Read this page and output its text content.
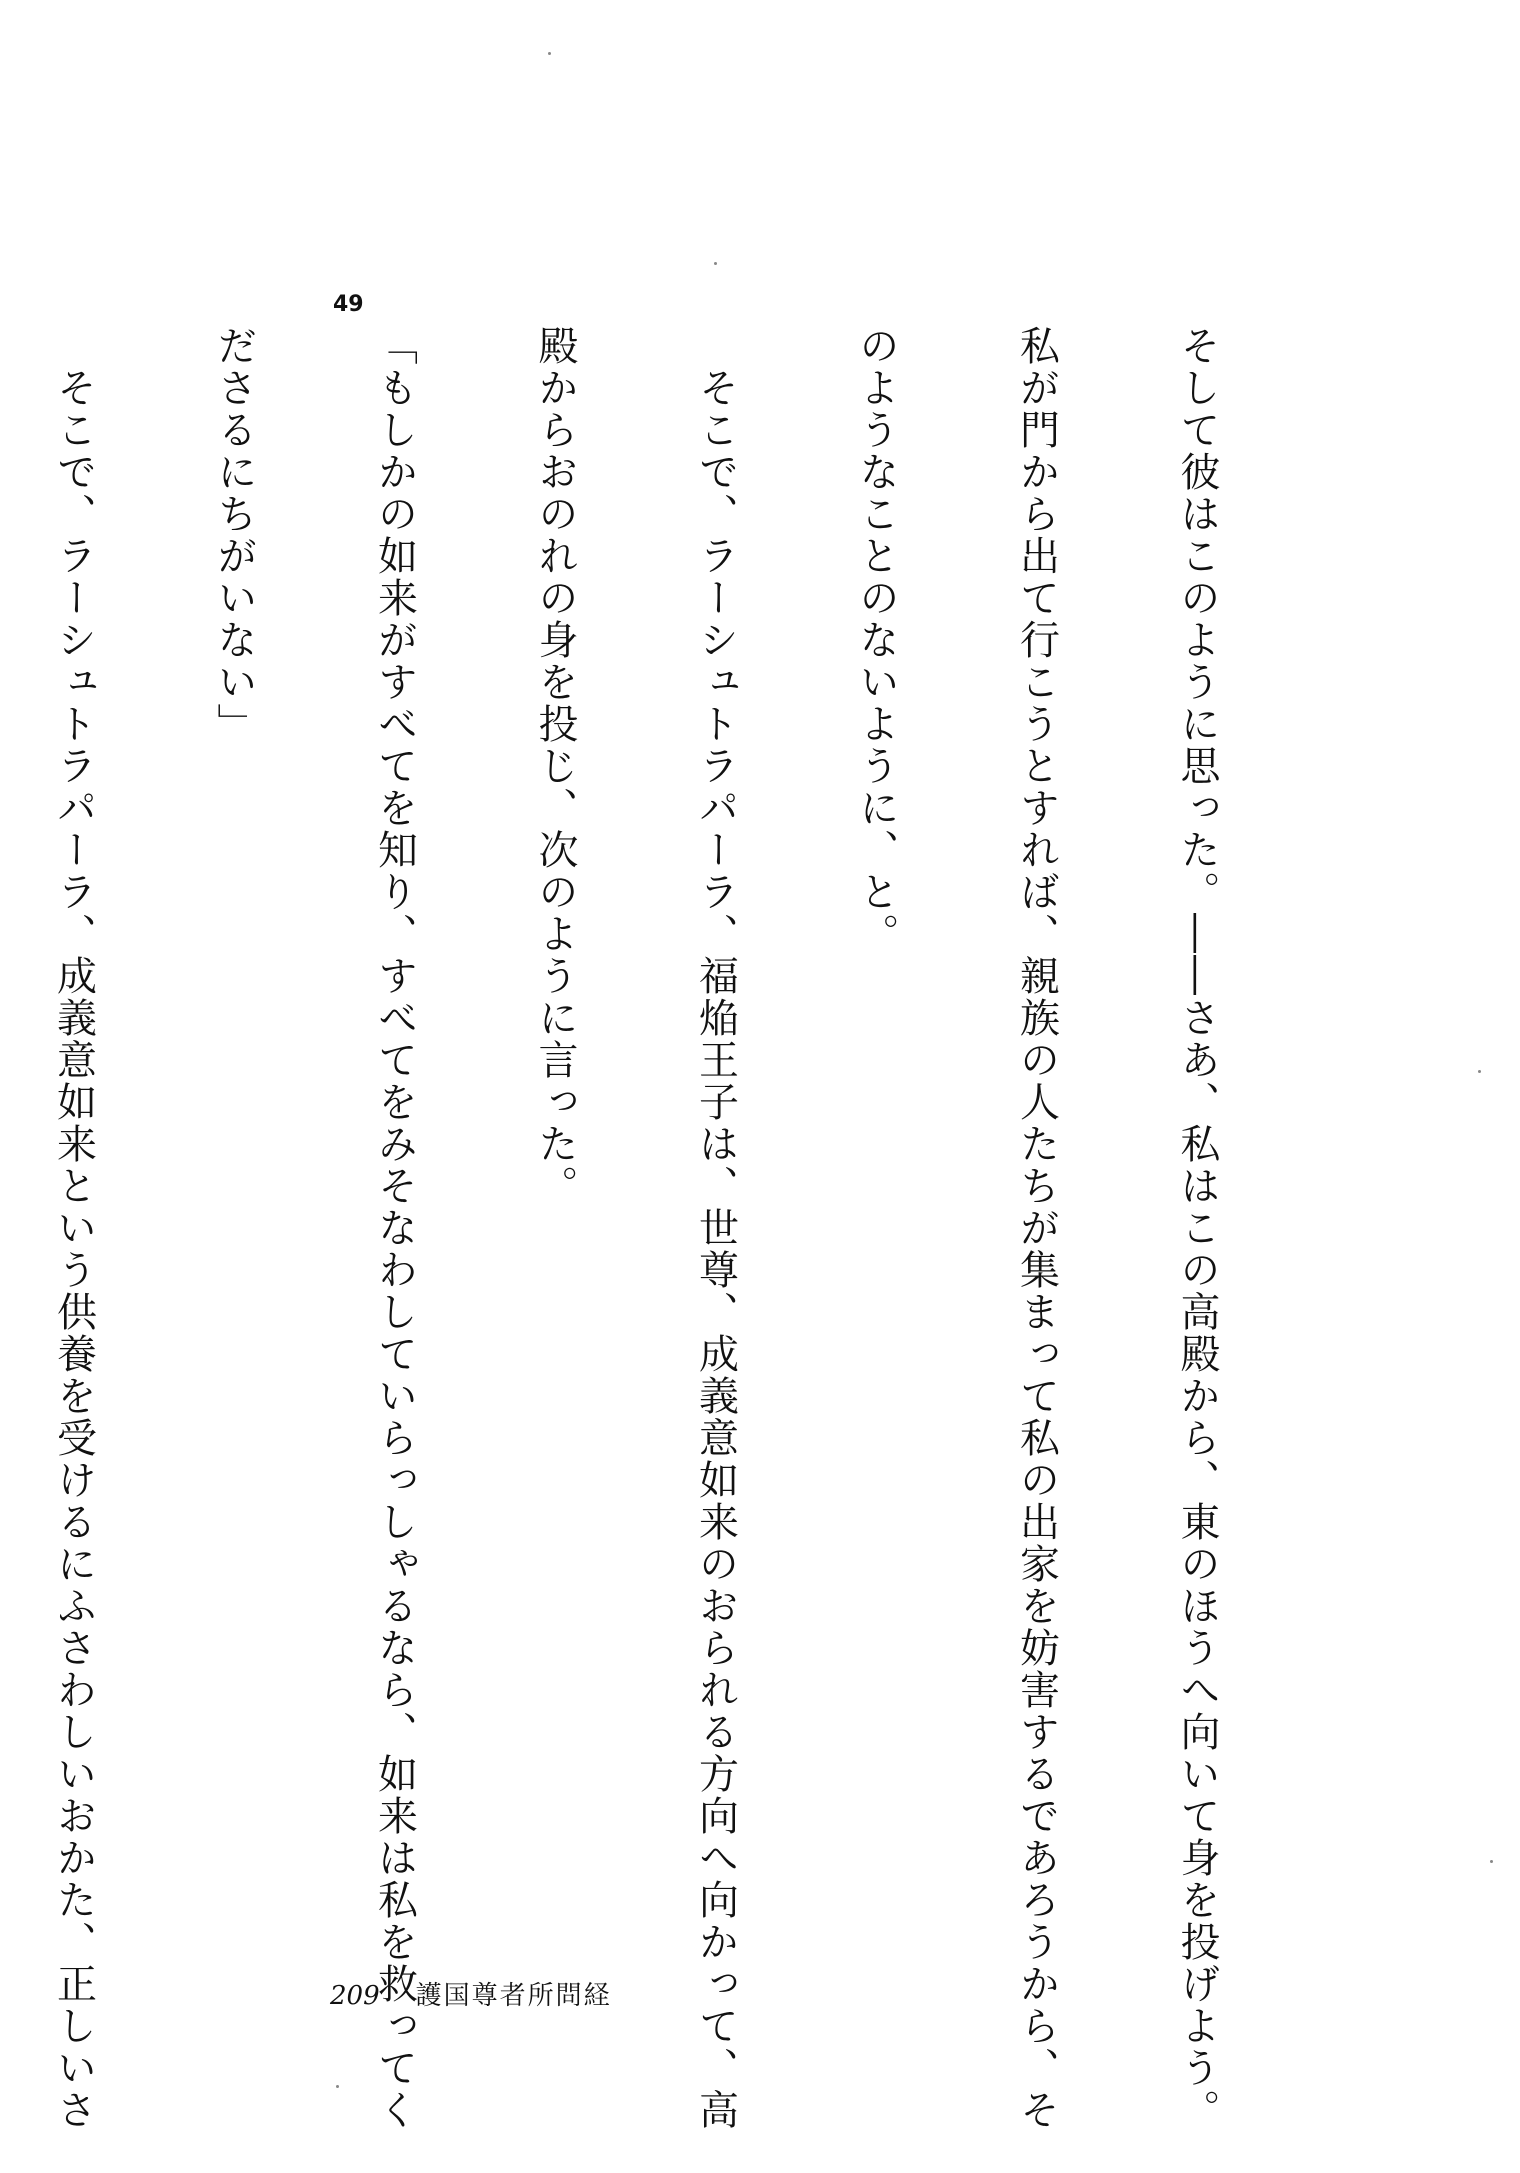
49

そして彼はこのように思った。――さあ、私はこの高殿から、東のほうへ向いて身を投げよう。

私が門から出て行こうとすれば、親族の人たちが集まって私の出家を妨害するであろうから、そ

のようなことのないように、と。

　そこで、ラーシュトラパーラ、福焔王子は、世尊、成義意如来のおられる方向へ向かって、高

殿からおのれの身を投じ、次のように言った。

「もしかの如来がすべてを知り、すべてをみそなわしていらっしゃるなら、如来は私を救ってく

ださるにちがいない」

　そこで、ラーシュトラパーラ、成義意如来という供養を受けるにふさわしいおかた、正しいさ

	209 護国尊者所問経
